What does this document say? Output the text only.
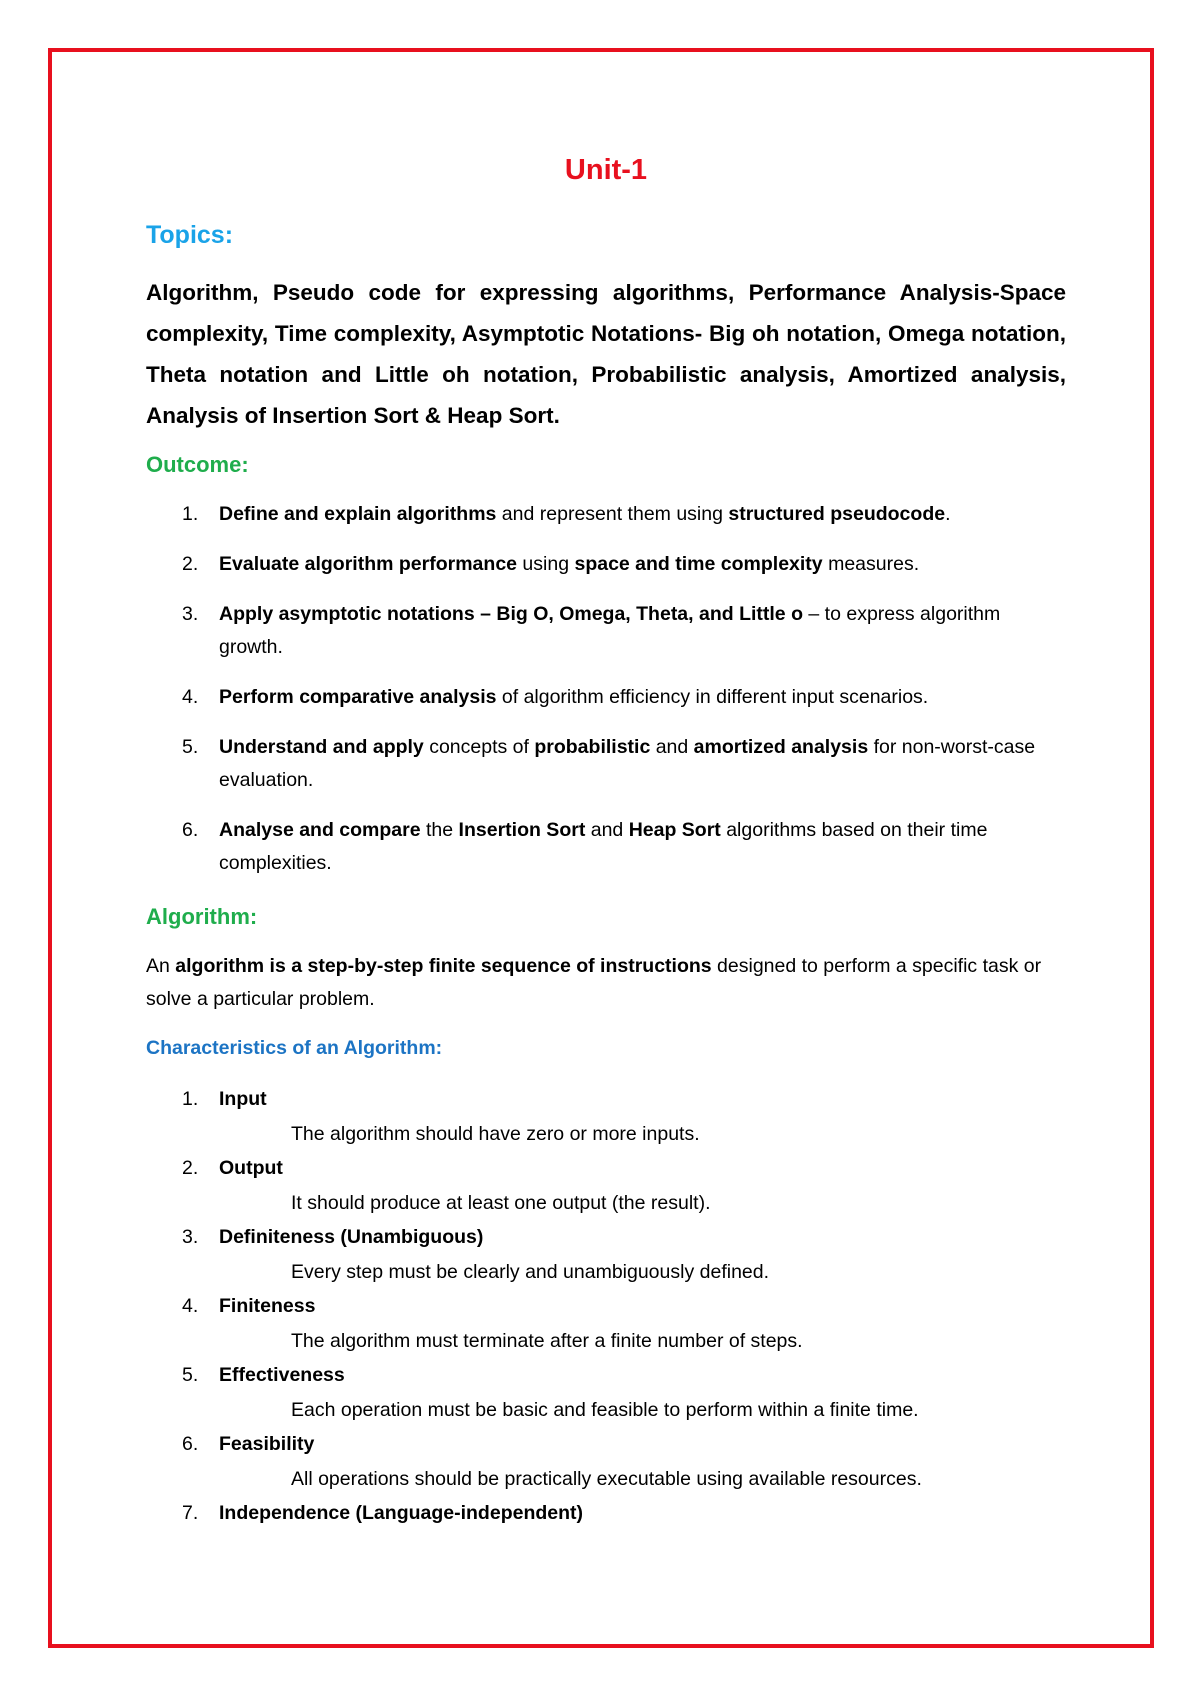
Unit-1
Topics:

Algorithm, Pseudo code for expressing algorithms, Performance Analysis-Space complexity, Time complexity, Asymptotic Notations- Big oh notation, Omega notation, Theta notation and Little oh notation, Probabilistic analysis, Amortized analysis, Analysis of Insertion Sort & Heap Sort.

Outcome:
1. Define and explain algorithms and represent them using structured pseudocode.
2. Evaluate algorithm performance using space and time complexity measures.
3. Apply asymptotic notations – Big O, Omega, Theta, and Little o – to express algorithm growth.
4. Perform comparative analysis of algorithm efficiency in different input scenarios.
5. Understand and apply concepts of probabilistic and amortized analysis for non-worst-case evaluation.
6. Analyse and compare the Insertion Sort and Heap Sort algorithms based on their time complexities.
Algorithm:

An algorithm is a step-by-step finite sequence of instructions designed to perform a specific task or solve a particular problem.

Characteristics of an Algorithm:
1. Input
The algorithm should have zero or more inputs.
2. Output
It should produce at least one output (the result).
3. Definiteness (Unambiguous)
Every step must be clearly and unambiguously defined.
4. Finiteness
The algorithm must terminate after a finite number of steps.
5. Effectiveness
Each operation must be basic and feasible to perform within a finite time.
6. Feasibility
All operations should be practically executable using available resources.
7. Independence (Language-independent)
